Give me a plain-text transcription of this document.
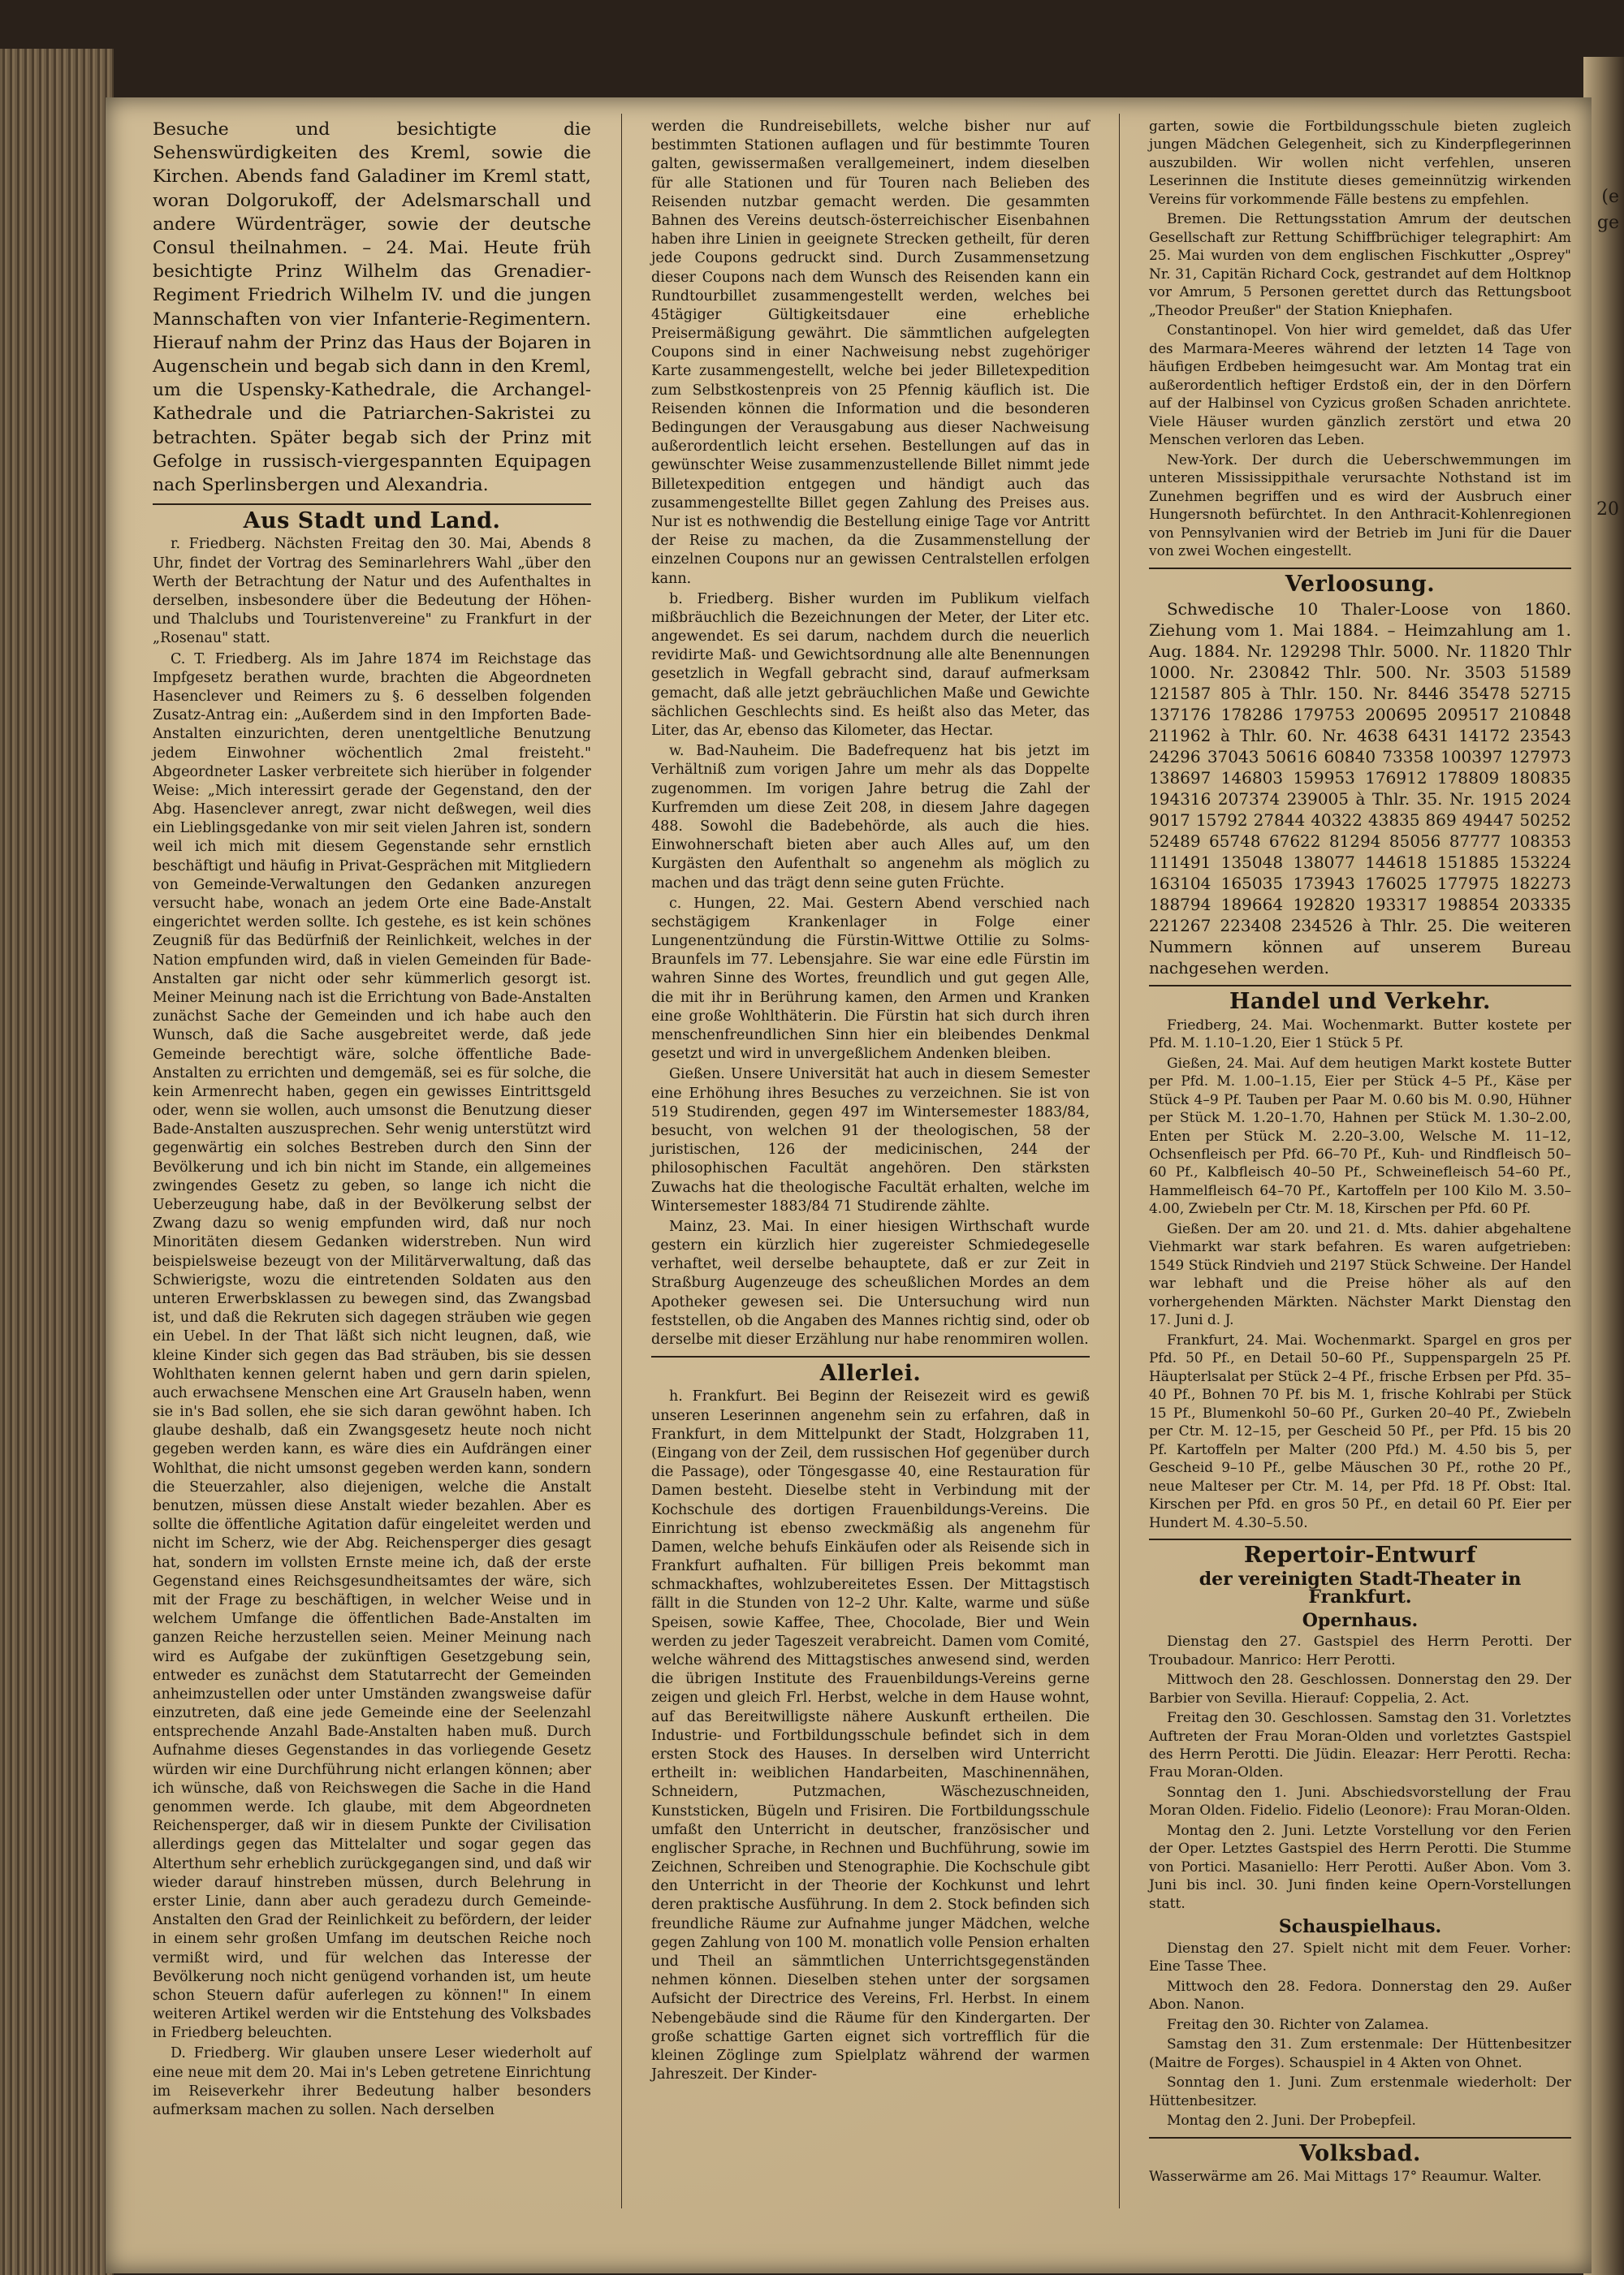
(e
ge
20

Besuche und besichtigte die Sehenswürdigkeiten des Kreml, sowie die Kirchen. Abends fand Galadiner im Kreml statt, woran Dolgorukoff, der Adelsmarschall und andere Würdenträger, sowie der deutsche Consul theilnahmen. – 24. Mai. Heute früh besichtigte Prinz Wilhelm das Grenadier-Regiment Friedrich Wilhelm IV. und die jungen Mannschaften von vier Infanterie-Regimentern. Hierauf nahm der Prinz das Haus der Bojaren in Augenschein und begab sich dann in den Kreml, um die Uspensky-Kathedrale, die Archangel-Kathedrale und die Patriarchen-Sakristei zu betrachten. Später begab sich der Prinz mit Gefolge in russisch-viergespannten Equipagen nach Sperlinsbergen und Alexandria.

Aus Stadt und Land.

r. Friedberg. Nächsten Freitag den 30. Mai, Abends 8 Uhr, findet der Vortrag des Seminarlehrers Wahl „über den Werth der Betrachtung der Natur und des Aufenthaltes in derselben, insbesondere über die Bedeutung der Höhen- und Thalclubs und Touristenvereine" zu Frankfurt in der „Rosenau" statt.

C. T. Friedberg. Als im Jahre 1874 im Reichstage das Impfgesetz berathen wurde, brachten die Abgeordneten Hasenclever und Reimers zu §. 6 desselben folgenden Zusatz-Antrag ein: „Außerdem sind in den Impforten Bade-Anstalten einzurichten, deren unentgeltliche Benutzung jedem Einwohner wöchentlich 2mal freisteht." Abgeordneter Lasker verbreitete sich hierüber in folgender Weise: „Mich interessirt gerade der Gegenstand, den der Abg. Hasenclever anregt, zwar nicht deßwegen, weil dies ein Lieblingsgedanke von mir seit vielen Jahren ist, sondern weil ich mich mit diesem Gegenstande sehr ernstlich beschäftigt und häufig in Privat-Gesprächen mit Mitgliedern von Gemeinde-Verwaltungen den Gedanken anzuregen versucht habe, wonach an jedem Orte eine Bade-Anstalt eingerichtet werden sollte. Ich gestehe, es ist kein schönes Zeugniß für das Bedürfniß der Reinlichkeit, welches in der Nation empfunden wird, daß in vielen Gemeinden für Bade-Anstalten gar nicht oder sehr kümmerlich gesorgt ist. Meiner Meinung nach ist die Errichtung von Bade-Anstalten zunächst Sache der Gemeinden und ich habe auch den Wunsch, daß die Sache ausgebreitet werde, daß jede Gemeinde berechtigt wäre, solche öffentliche Bade-Anstalten zu errichten und demgemäß, sei es für solche, die kein Armenrecht haben, gegen ein gewisses Eintrittsgeld oder, wenn sie wollen, auch umsonst die Benutzung dieser Bade-Anstalten auszusprechen. Sehr wenig unterstützt wird gegenwärtig ein solches Bestreben durch den Sinn der Bevölkerung und ich bin nicht im Stande, ein allgemeines zwingendes Gesetz zu geben, so lange ich nicht die Ueberzeugung habe, daß in der Bevölkerung selbst der Zwang dazu so wenig empfunden wird, daß nur noch Minoritäten diesem Gedanken widerstreben. Nun wird beispielsweise bezeugt von der Militärverwaltung, daß das Schwierigste, wozu die eintretenden Soldaten aus den unteren Erwerbsklassen zu bewegen sind, das Zwangsbad ist, und daß die Rekruten sich dagegen sträuben wie gegen ein Uebel. In der That läßt sich nicht leugnen, daß, wie kleine Kinder sich gegen das Bad sträuben, bis sie dessen Wohlthaten kennen gelernt haben und gern darin spielen, auch erwachsene Menschen eine Art Grauseln haben, wenn sie in's Bad sollen, ehe sie sich daran gewöhnt haben. Ich glaube deshalb, daß ein Zwangsgesetz heute noch nicht gegeben werden kann, es wäre dies ein Aufdrängen einer Wohlthat, die nicht umsonst gegeben werden kann, sondern die Steuerzahler, also diejenigen, welche die Anstalt benutzen, müssen diese Anstalt wieder bezahlen. Aber es sollte die öffentliche Agitation dafür eingeleitet werden und nicht im Scherz, wie der Abg. Reichensperger dies gesagt hat, sondern im vollsten Ernste meine ich, daß der erste Gegenstand eines Reichsgesundheitsamtes der wäre, sich mit der Frage zu beschäftigen, in welcher Weise und in welchem Umfange die öffentlichen Bade-Anstalten im ganzen Reiche herzustellen seien. Meiner Meinung nach wird es Aufgabe der zukünftigen Gesetzgebung sein, entweder es zunächst dem Statutarrecht der Gemeinden anheimzustellen oder unter Umständen zwangsweise dafür einzutreten, daß eine jede Gemeinde eine der Seelenzahl entsprechende Anzahl Bade-Anstalten haben muß. Durch Aufnahme dieses Gegenstandes in das vorliegende Gesetz würden wir eine Durchführung nicht erlangen können; aber ich wünsche, daß von Reichswegen die Sache in die Hand genommen werde. Ich glaube, mit dem Abgeordneten Reichensperger, daß wir in diesem Punkte der Civilisation allerdings gegen das Mittelalter und sogar gegen das Alterthum sehr erheblich zurückgegangen sind, und daß wir wieder darauf hinstreben müssen, durch Belehrung in erster Linie, dann aber auch geradezu durch Gemeinde-Anstalten den Grad der Reinlichkeit zu befördern, der leider in einem sehr großen Umfang im deutschen Reiche noch vermißt wird, und für welchen das Interesse der Bevölkerung noch nicht genügend vorhanden ist, um heute schon Steuern dafür auferlegen zu können!" In einem weiteren Artikel werden wir die Entstehung des Volksbades in Friedberg beleuchten.

D. Friedberg. Wir glauben unsere Leser wiederholt auf eine neue mit dem 20. Mai in's Leben getretene Einrichtung im Reiseverkehr ihrer Bedeutung halber besonders aufmerksam machen zu sollen. Nach derselben

werden die Rundreisebillets, welche bisher nur auf bestimmten Stationen auflagen und für bestimmte Touren galten, gewissermaßen verallgemeinert, indem dieselben für alle Stationen und für Touren nach Belieben des Reisenden nutzbar gemacht werden. Die gesammten Bahnen des Vereins deutsch-österreichischer Eisenbahnen haben ihre Linien in geeignete Strecken getheilt, für deren jede Coupons gedruckt sind. Durch Zusammensetzung dieser Coupons nach dem Wunsch des Reisenden kann ein Rundtourbillet zusammengestellt werden, welches bei 45tägiger Gültigkeitsdauer eine erhebliche Preisermäßigung gewährt. Die sämmtlichen aufgelegten Coupons sind in einer Nachweisung nebst zugehöriger Karte zusammengestellt, welche bei jeder Billetexpedition zum Selbstkostenpreis von 25 Pfennig käuflich ist. Die Reisenden können die Information und die besonderen Bedingungen der Verausgabung aus dieser Nachweisung außerordentlich leicht ersehen. Bestellungen auf das in gewünschter Weise zusammenzustellende Billet nimmt jede Billetexpedition entgegen und händigt auch das zusammengestellte Billet gegen Zahlung des Preises aus. Nur ist es nothwendig die Bestellung einige Tage vor Antritt der Reise zu machen, da die Zusammenstellung der einzelnen Coupons nur an gewissen Centralstellen erfolgen kann.

b. Friedberg. Bisher wurden im Publikum vielfach mißbräuchlich die Bezeichnungen der Meter, der Liter etc. angewendet. Es sei darum, nachdem durch die neuerlich revidirte Maß- und Gewichtsordnung alle alte Benennungen gesetzlich in Wegfall gebracht sind, darauf aufmerksam gemacht, daß alle jetzt gebräuchlichen Maße und Gewichte sächlichen Geschlechts sind. Es heißt also das Meter, das Liter, das Ar, ebenso das Kilometer, das Hectar.

w. Bad-Nauheim. Die Badefrequenz hat bis jetzt im Verhältniß zum vorigen Jahre um mehr als das Doppelte zugenommen. Im vorigen Jahre betrug die Zahl der Kurfremden um diese Zeit 208, in diesem Jahre dagegen 488. Sowohl die Badebehörde, als auch die hies. Einwohnerschaft bieten aber auch Alles auf, um den Kurgästen den Aufenthalt so angenehm als möglich zu machen und das trägt denn seine guten Früchte.

c. Hungen, 22. Mai. Gestern Abend verschied nach sechstägigem Krankenlager in Folge einer Lungenentzündung die Fürstin-Wittwe Ottilie zu Solms-Braunfels im 77. Lebensjahre. Sie war eine edle Fürstin im wahren Sinne des Wortes, freundlich und gut gegen Alle, die mit ihr in Berührung kamen, den Armen und Kranken eine große Wohlthäterin. Die Fürstin hat sich durch ihren menschenfreundlichen Sinn hier ein bleibendes Denkmal gesetzt und wird in unvergeßlichem Andenken bleiben.

Gießen. Unsere Universität hat auch in diesem Semester eine Erhöhung ihres Besuches zu verzeichnen. Sie ist von 519 Studirenden, gegen 497 im Wintersemester 1883/84, besucht, von welchen 91 der theologischen, 58 der juristischen, 126 der medicinischen, 244 der philosophischen Facultät angehören. Den stärksten Zuwachs hat die theologische Facultät erhalten, welche im Wintersemester 1883/84 71 Studirende zählte.

Mainz, 23. Mai. In einer hiesigen Wirthschaft wurde gestern ein kürzlich hier zugereister Schmiedegeselle verhaftet, weil derselbe behauptete, daß er zur Zeit in Straßburg Augenzeuge des scheußlichen Mordes an dem Apotheker gewesen sei. Die Untersuchung wird nun feststellen, ob die Angaben des Mannes richtig sind, oder ob derselbe mit dieser Erzählung nur habe renommiren wollen.

Allerlei.

h. Frankfurt. Bei Beginn der Reisezeit wird es gewiß unseren Leserinnen angenehm sein zu erfahren, daß in Frankfurt, in dem Mittelpunkt der Stadt, Holzgraben 11, (Eingang von der Zeil, dem russischen Hof gegenüber durch die Passage), oder Töngesgasse 40, eine Restauration für Damen besteht. Dieselbe steht in Verbindung mit der Kochschule des dortigen Frauenbildungs-Vereins. Die Einrichtung ist ebenso zweckmäßig als angenehm für Damen, welche behufs Einkäufen oder als Reisende sich in Frankfurt aufhalten. Für billigen Preis bekommt man schmackhaftes, wohlzubereitetes Essen. Der Mittagstisch fällt in die Stunden von 12–2 Uhr. Kalte, warme und süße Speisen, sowie Kaffee, Thee, Chocolade, Bier und Wein werden zu jeder Tageszeit verabreicht. Damen vom Comité, welche während des Mittagstisches anwesend sind, werden die übrigen Institute des Frauenbildungs-Vereins gerne zeigen und gleich Frl. Herbst, welche in dem Hause wohnt, auf das Bereitwilligste nähere Auskunft ertheilen. Die Industrie- und Fortbildungsschule befindet sich in dem ersten Stock des Hauses. In derselben wird Unterricht ertheilt in: weiblichen Handarbeiten, Maschinennähen, Schneidern, Putzmachen, Wäschezuschneiden, Kunststicken, Bügeln und Frisiren. Die Fortbildungsschule umfaßt den Unterricht in deutscher, französischer und englischer Sprache, in Rechnen und Buchführung, sowie im Zeichnen, Schreiben und Stenographie. Die Kochschule gibt den Unterricht in der Theorie der Kochkunst und lehrt deren praktische Ausführung. In dem 2. Stock befinden sich freundliche Räume zur Aufnahme junger Mädchen, welche gegen Zahlung von 100 M. monatlich volle Pension erhalten und Theil an sämmtlichen Unterrichtsgegenständen nehmen können. Dieselben stehen unter der sorgsamen Aufsicht der Directrice des Vereins, Frl. Herbst. In einem Nebengebäude sind die Räume für den Kindergarten. Der große schattige Garten eignet sich vortrefflich für die kleinen Zöglinge zum Spielplatz während der warmen Jahreszeit. Der Kinder-

garten, sowie die Fortbildungsschule bieten zugleich jungen Mädchen Gelegenheit, sich zu Kinderpflegerinnen auszubilden. Wir wollen nicht verfehlen, unseren Leserinnen die Institute dieses gemeinnützig wirkenden Vereins für vorkommende Fälle bestens zu empfehlen.

Bremen. Die Rettungsstation Amrum der deutschen Gesellschaft zur Rettung Schiffbrüchiger telegraphirt: Am 25. Mai wurden von dem englischen Fischkutter „Osprey" Nr. 31, Capitän Richard Cock, gestrandet auf dem Holtknop vor Amrum, 5 Personen gerettet durch das Rettungsboot „Theodor Preußer" der Station Kniephafen.

Constantinopel. Von hier wird gemeldet, daß das Ufer des Marmara-Meeres während der letzten 14 Tage von häufigen Erdbeben heimgesucht war. Am Montag trat ein außerordentlich heftiger Erdstoß ein, der in den Dörfern auf der Halbinsel von Cyzicus großen Schaden anrichtete. Viele Häuser wurden gänzlich zerstört und etwa 20 Menschen verloren das Leben.

New-York. Der durch die Ueberschwemmungen im unteren Mississippithale verursachte Nothstand ist im Zunehmen begriffen und es wird der Ausbruch einer Hungersnoth befürchtet. In den Anthracit-Kohlenregionen von Pennsylvanien wird der Betrieb im Juni für die Dauer von zwei Wochen eingestellt.

Verloosung.

Schwedische 10 Thaler-Loose von 1860. Ziehung vom 1. Mai 1884. – Heimzahlung am 1. Aug. 1884. Nr. 129298 Thlr. 5000. Nr. 11820 Thlr 1000. Nr. 230842 Thlr. 500. Nr. 3503 51589 121587 805 à Thlr. 150. Nr. 8446 35478 52715 137176 178286 179753 200695 209517 210848 211962 à Thlr. 60. Nr. 4638 6431 14172 23543 24296 37043 50616 60840 73358 100397 127973 138697 146803 159953 176912 178809 180835 194316 207374 239005 à Thlr. 35. Nr. 1915 2024 9017 15792 27844 40322 43835 869 49447 50252 52489 65748 67622 81294 85056 87777 108353 111491 135048 138077 144618 151885 153224 163104 165035 173943 176025 177975 182273 188794 189664 192820 193317 198854 203335 221267 223408 234526 à Thlr. 25. Die weiteren Nummern können auf unserem Bureau nachgesehen werden.

Handel und Verkehr.

Friedberg, 24. Mai. Wochenmarkt. Butter kostete per Pfd. M. 1.10–1.20, Eier 1 Stück 5 Pf.

Gießen, 24. Mai. Auf dem heutigen Markt kostete Butter per Pfd. M. 1.00–1.15, Eier per Stück 4–5 Pf., Käse per Stück 4–9 Pf. Tauben per Paar M. 0.60 bis M. 0.90, Hühner per Stück M. 1.20–1.70, Hahnen per Stück M. 1.30–2.00, Enten per Stück M. 2.20–3.00, Welsche M. 11–12, Ochsenfleisch per Pfd. 66–70 Pf., Kuh- und Rindfleisch 50–60 Pf., Kalbfleisch 40–50 Pf., Schweinefleisch 54–60 Pf., Hammelfleisch 64–70 Pf., Kartoffeln per 100 Kilo M. 3.50–4.00, Zwiebeln per Ctr. M. 18, Kirschen per Pfd. 60 Pf.

Gießen. Der am 20. und 21. d. Mts. dahier abgehaltene Viehmarkt war stark befahren. Es waren aufgetrieben: 1549 Stück Rindvieh und 2197 Stück Schweine. Der Handel war lebhaft und die Preise höher als auf den vorhergehenden Märkten. Nächster Markt Dienstag den 17. Juni d. J.

Frankfurt, 24. Mai. Wochenmarkt. Spargel en gros per Pfd. 50 Pf., en Detail 50–60 Pf., Suppenspargeln 25 Pf. Häupterlsalat per Stück 2–4 Pf., frische Erbsen per Pfd. 35–40 Pf., Bohnen 70 Pf. bis M. 1, frische Kohlrabi per Stück 15 Pf., Blumenkohl 50–60 Pf., Gurken 20–40 Pf., Zwiebeln per Ctr. M. 12–15, per Gescheid 50 Pf., per Pfd. 15 bis 20 Pf. Kartoffeln per Malter (200 Pfd.) M. 4.50 bis 5, per Gescheid 9–10 Pf., gelbe Mäuschen 30 Pf., rothe 20 Pf., neue Malteser per Ctr. M. 14, per Pfd. 18 Pf. Obst: Ital. Kirschen per Pfd. en gros 50 Pf., en detail 60 Pf. Eier per Hundert M. 4.30–5.50.

Repertoir-Entwurf
der vereinigten Stadt-Theater in Frankfurt.
Opernhaus.

Dienstag den 27. Gastspiel des Herrn Perotti. Der Troubadour. Manrico: Herr Perotti.

Mittwoch den 28. Geschlossen. Donnerstag den 29. Der Barbier von Sevilla. Hierauf: Coppelia, 2. Act.

Freitag den 30. Geschlossen. Samstag den 31. Vorletztes Auftreten der Frau Moran-Olden und vorletztes Gastspiel des Herrn Perotti. Die Jüdin. Eleazar: Herr Perotti. Recha: Frau Moran-Olden.

Sonntag den 1. Juni. Abschiedsvorstellung der Frau Moran Olden. Fidelio. Fidelio (Leonore): Frau Moran-Olden.

Montag den 2. Juni. Letzte Vorstellung vor den Ferien der Oper. Letztes Gastspiel des Herrn Perotti. Die Stumme von Portici. Masaniello: Herr Perotti. Außer Abon. Vom 3. Juni bis incl. 30. Juni finden keine Opern-Vorstellungen statt.

Schauspielhaus.

Dienstag den 27. Spielt nicht mit dem Feuer. Vorher: Eine Tasse Thee.

Mittwoch den 28. Fedora. Donnerstag den 29. Außer Abon. Nanon.

Freitag den 30. Richter von Zalamea.

Samstag den 31. Zum erstenmale: Der Hüttenbesitzer (Maitre de Forges). Schauspiel in 4 Akten von Ohnet.

Sonntag den 1. Juni. Zum erstenmale wiederholt: Der Hüttenbesitzer.

Montag den 2. Juni. Der Probepfeil.

Volksbad.

Wasserwärme am 26. Mai Mittags 17° Reaumur. Walter.
